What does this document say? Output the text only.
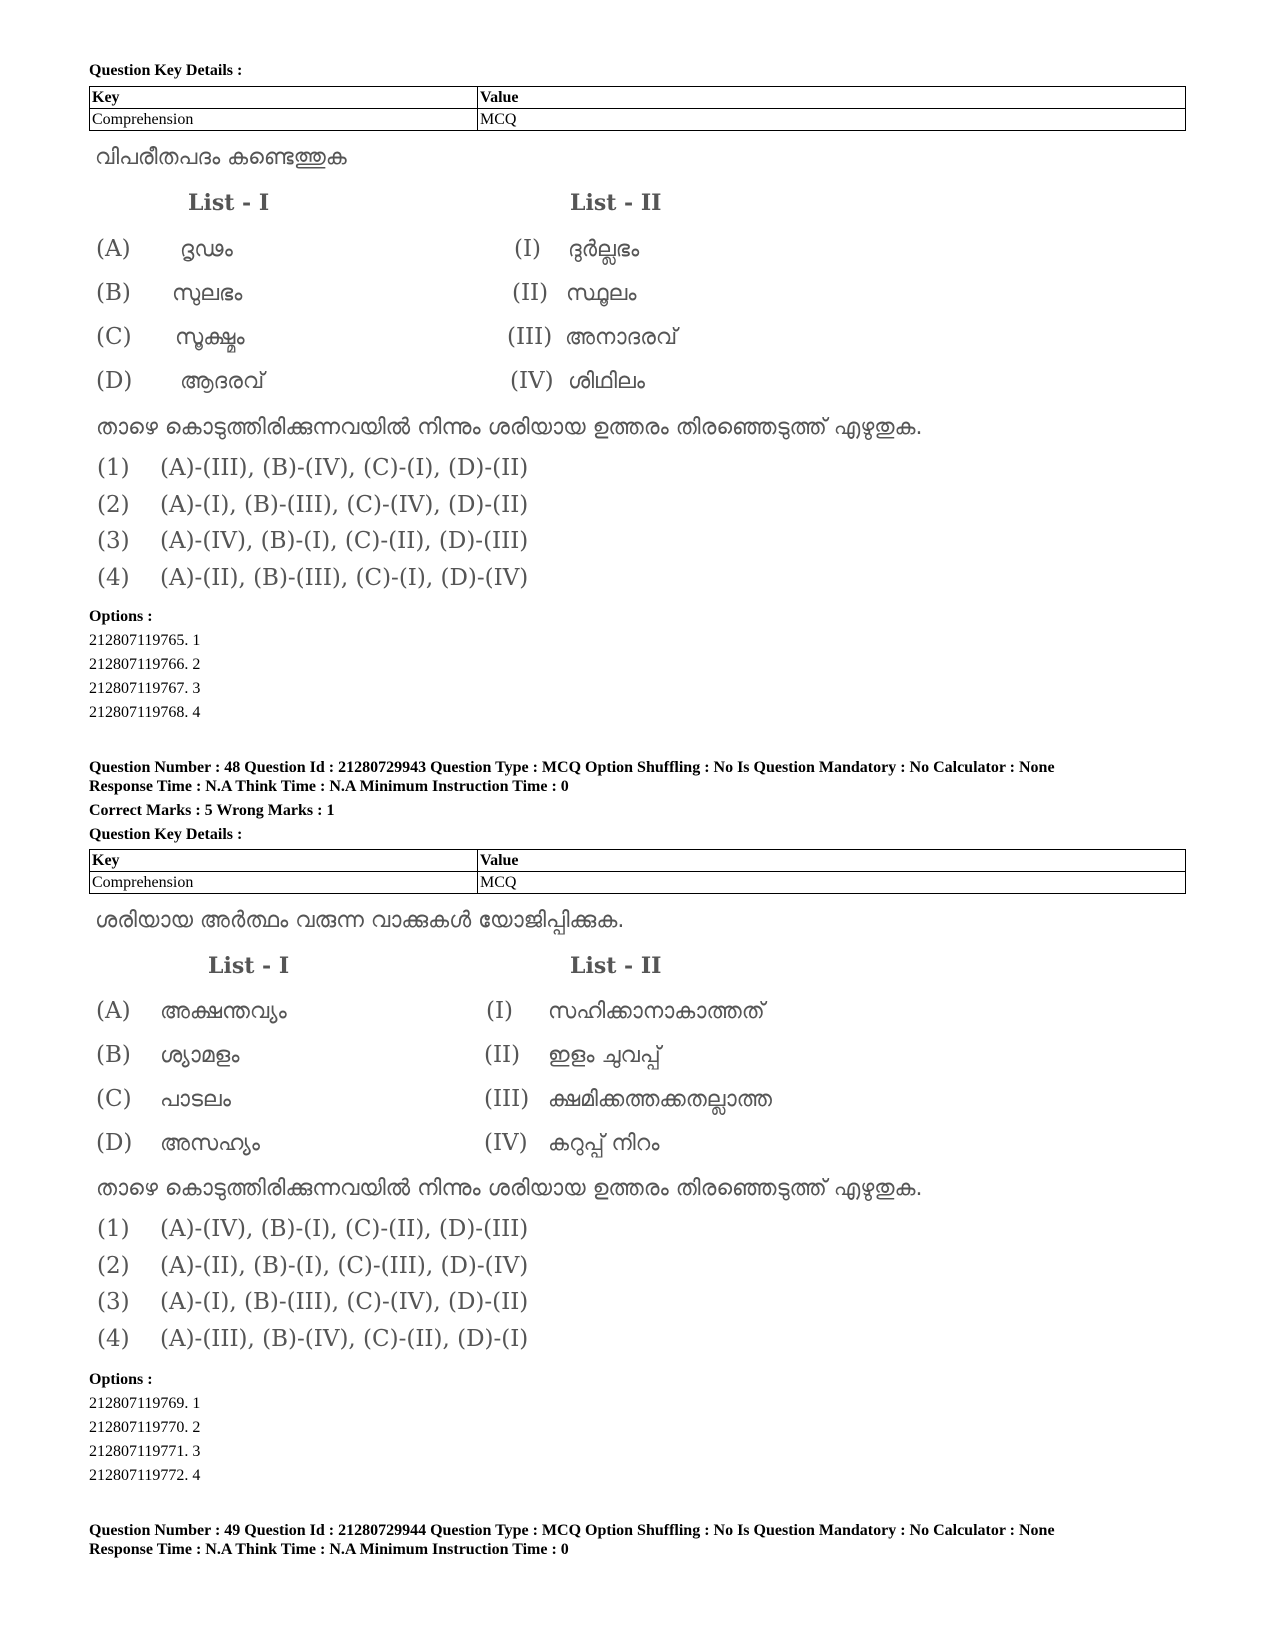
Question Key Details :
Key	Value
Comprehension	MCQ
വിപരീതപദം കണ്ടെത്തുക
List - I	List - II
(A) ദൃഢം	(I) ദുർല്ലഭം
(B) സുലഭം	(II) സ്ഥൂലം
(C) സൂക്ഷ്മം	(III) അനാദരവ്
(D) ആദരവ്	(IV) ശിഥിലം
താഴെ കൊടുത്തിരിക്കുന്നവയിൽ നിന്നും ശരിയായ ഉത്തരം തിരഞ്ഞെടുത്ത് എഴുതുക.
(1) (A)-(III), (B)-(IV), (C)-(I), (D)-(II)
(2) (A)-(I), (B)-(III), (C)-(IV), (D)-(II)
(3) (A)-(IV), (B)-(I), (C)-(II), (D)-(III)
(4) (A)-(II), (B)-(III), (C)-(I), (D)-(IV)
Options :
212807119765. 1
212807119766. 2
212807119767. 3
212807119768. 4
Question Number : 48 Question Id : 21280729943 Question Type : MCQ Option Shuffling : No Is Question Mandatory : No Calculator : None
Response Time : N.A Think Time : N.A Minimum Instruction Time : 0
Correct Marks : 5 Wrong Marks : 1
Question Key Details :
Key	Value
Comprehension	MCQ
ശരിയായ അർത്ഥം വരുന്ന വാക്കുകൾ യോജിപ്പിക്കുക.
List - I	List - II
(A) അക്ഷന്തവ്യം	(I) സഹിക്കാനാകാത്തത്
(B) ശ്യാമളം	(II) ഇളം ചുവപ്പ്
(C) പാടലം	(III) ക്ഷമിക്കത്തക്കതല്ലാത്ത
(D) അസഹ്യം	(IV) കറുപ്പ് നിറം
താഴെ കൊടുത്തിരിക്കുന്നവയിൽ നിന്നും ശരിയായ ഉത്തരം തിരഞ്ഞെടുത്ത് എഴുതുക.
(1) (A)-(IV), (B)-(I), (C)-(II), (D)-(III)
(2) (A)-(II), (B)-(I), (C)-(III), (D)-(IV)
(3) (A)-(I), (B)-(III), (C)-(IV), (D)-(II)
(4) (A)-(III), (B)-(IV), (C)-(II), (D)-(I)
Options :
212807119769. 1
212807119770. 2
212807119771. 3
212807119772. 4
Question Number : 49 Question Id : 21280729944 Question Type : MCQ Option Shuffling : No Is Question Mandatory : No Calculator : None
Response Time : N.A Think Time : N.A Minimum Instruction Time : 0
